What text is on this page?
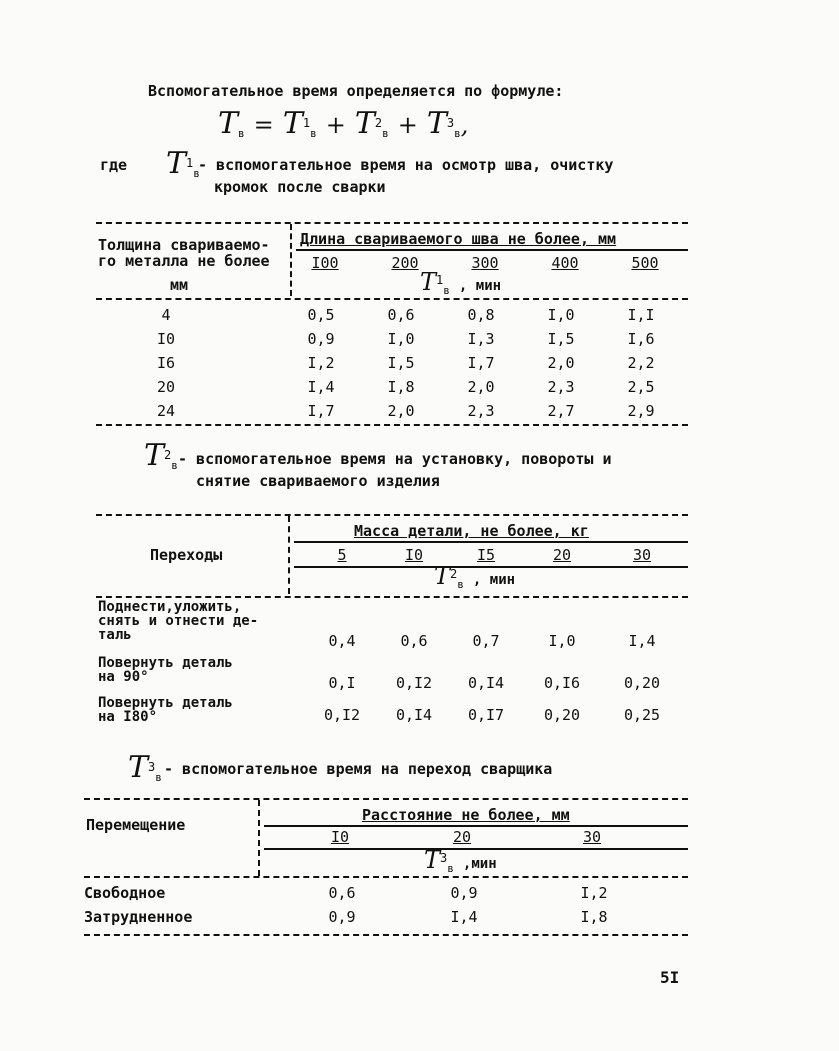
Вспомогательное время определяется по формуле:
$T_в = T^1_в + T^2_в + T^3_в$,
где $T^1_в$
- вспомогательное время на осмотр шва, очистку
кромок после сварки
Толщина свариваемо-
го металла не более
мм
Длина свариваемого шва не более, мм
I00	200	300	400	500
$T^1_в$ , мин
4	0,5	0,6	0,8	I,0	I,I
I0	0,9	I,0	I,3	I,5	I,6
I6	I,2	I,5	I,7	2,0	2,2
20	I,4	I,8	2,0	2,3	2,5
24	I,7	2,0	2,3	2,7	2,9
$T^2_в$ - вспомогательное время на установку, повороты и
снятие свариваемого изделия
Переходы
Масса детали, не более, кг
5	I0	I5	20	30
$T^2_в$ , мин
Поднести,уложить,
снять и отнести де-
таль	0,4	0,6	0,7	I,0	I,4
Повернуть деталь
на 90°	0,I	0,I2	0,I4	0,I6	0,20
Повернуть деталь
на I80°	0,I2	0,I4	0,I7	0,20	0,25
$T^3_в$ - вспомогательное время на переход сварщика
Перемещение
Расстояние не более, мм
I0	20	30
$T^3_в$ ,мин
Свободное	0,6	0,9	I,2
Затрудненное	0,9	I,4	I,8
5I
